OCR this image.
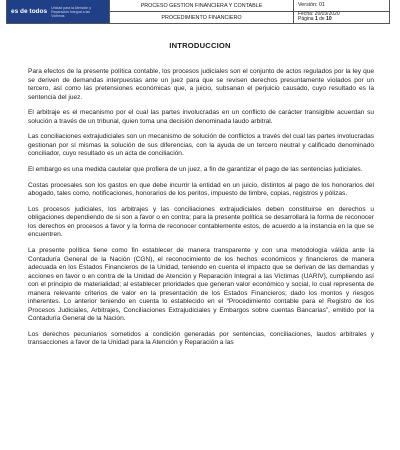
es de todos
Unidad para la Atención y Reparación Integral a las Víctimas
PROCESO GESTION FINANCIERA Y CONTABLE
PROCEDIMIENTO FINANCIERO
Versión: 01
Fecha: 20/03/2020
Página 1 de 10
INTRODUCCION

Para efectos de la presente política contable, los procesos judiciales son el conjunto de actos regulados por la ley que se deriven de demandas interpuestas ante un juez para que se revisen derechos presuntamente violados por un tercero, así como las pretensiones económicas que, a juicio, subsanan el perjuicio causado, cuyo resultado es la sentencia del juez.

El arbitraje es el mecanismo por el cual las partes involucradas en un conflicto de carácter transigible acuerdan su solución a través de un tribunal, quien toma una decisión denominada laudo arbitral.

Las conciliaciones extrajudiciales son un mecanismo de solución de conflictos a través del cual las partes involucradas gestionan por sí mismas la solución de sus diferencias, con la ayuda de un tercero neutral y calificado denominado conciliador, cuyo resultado es un acta de conciliación.

El embargo es una medida cautelar que profiera de un juez, a fin de garantizar el pago de las sentencias judiciales.

Costas procesales son los gastos en que debe incurrir la entidad en un juicio, distintos al pago de los honorarios del abogado, tales como, notificaciones, honorarios de los peritos, impuesto de timbre, copias, registros y pólizas.

Los procesos judiciales, los arbitrajes y las conciliaciones extrajudiciales deben constituirse en derechos u obligaciones dependiendo de si son a favor o en contra; para la presente política se desarrollará la forma de reconocer los derechos en procesos a favor y la forma de reconocer contablemente estos, de acuerdo a la instancia en la que se encuentren.

La presente política tiene como fin establecer de manera transparente y con una metodología válida ante la Contaduría General de la Nación (CGN), el reconocimiento de los hechos económicos y financieros de manera adecuada en los Estados Financieros de la Unidad, teniendo en cuenta el impacto que se derivan de las demandas y acciones en favor o en contra de la Unidad de Atención y Reparación Integral a las Víctimas (UARIV), cumpliendo así con el principio de materialidad; al establecer prioridades que generan valor económico y social, lo cual representa de manera relevante criterios de valor en la presentación de los Estados Financieros; dado los montos y riesgos inherentes. Lo anterior teniendo en cuenta lo establecido en el “Procedimiento contable para el Registro de los Procesos Judiciales, Arbitrajes, Conciliaciones Extrajudiciales y Embargos sobre cuentas Bancarias”, emitido por la Contaduría General de la Nación.

Los derechos pecuniarios sometidos a condición generadas por sentencias, conciliaciones, laudos arbitrales y transacciones a favor de la Unidad para la Atención y Reparación a las
